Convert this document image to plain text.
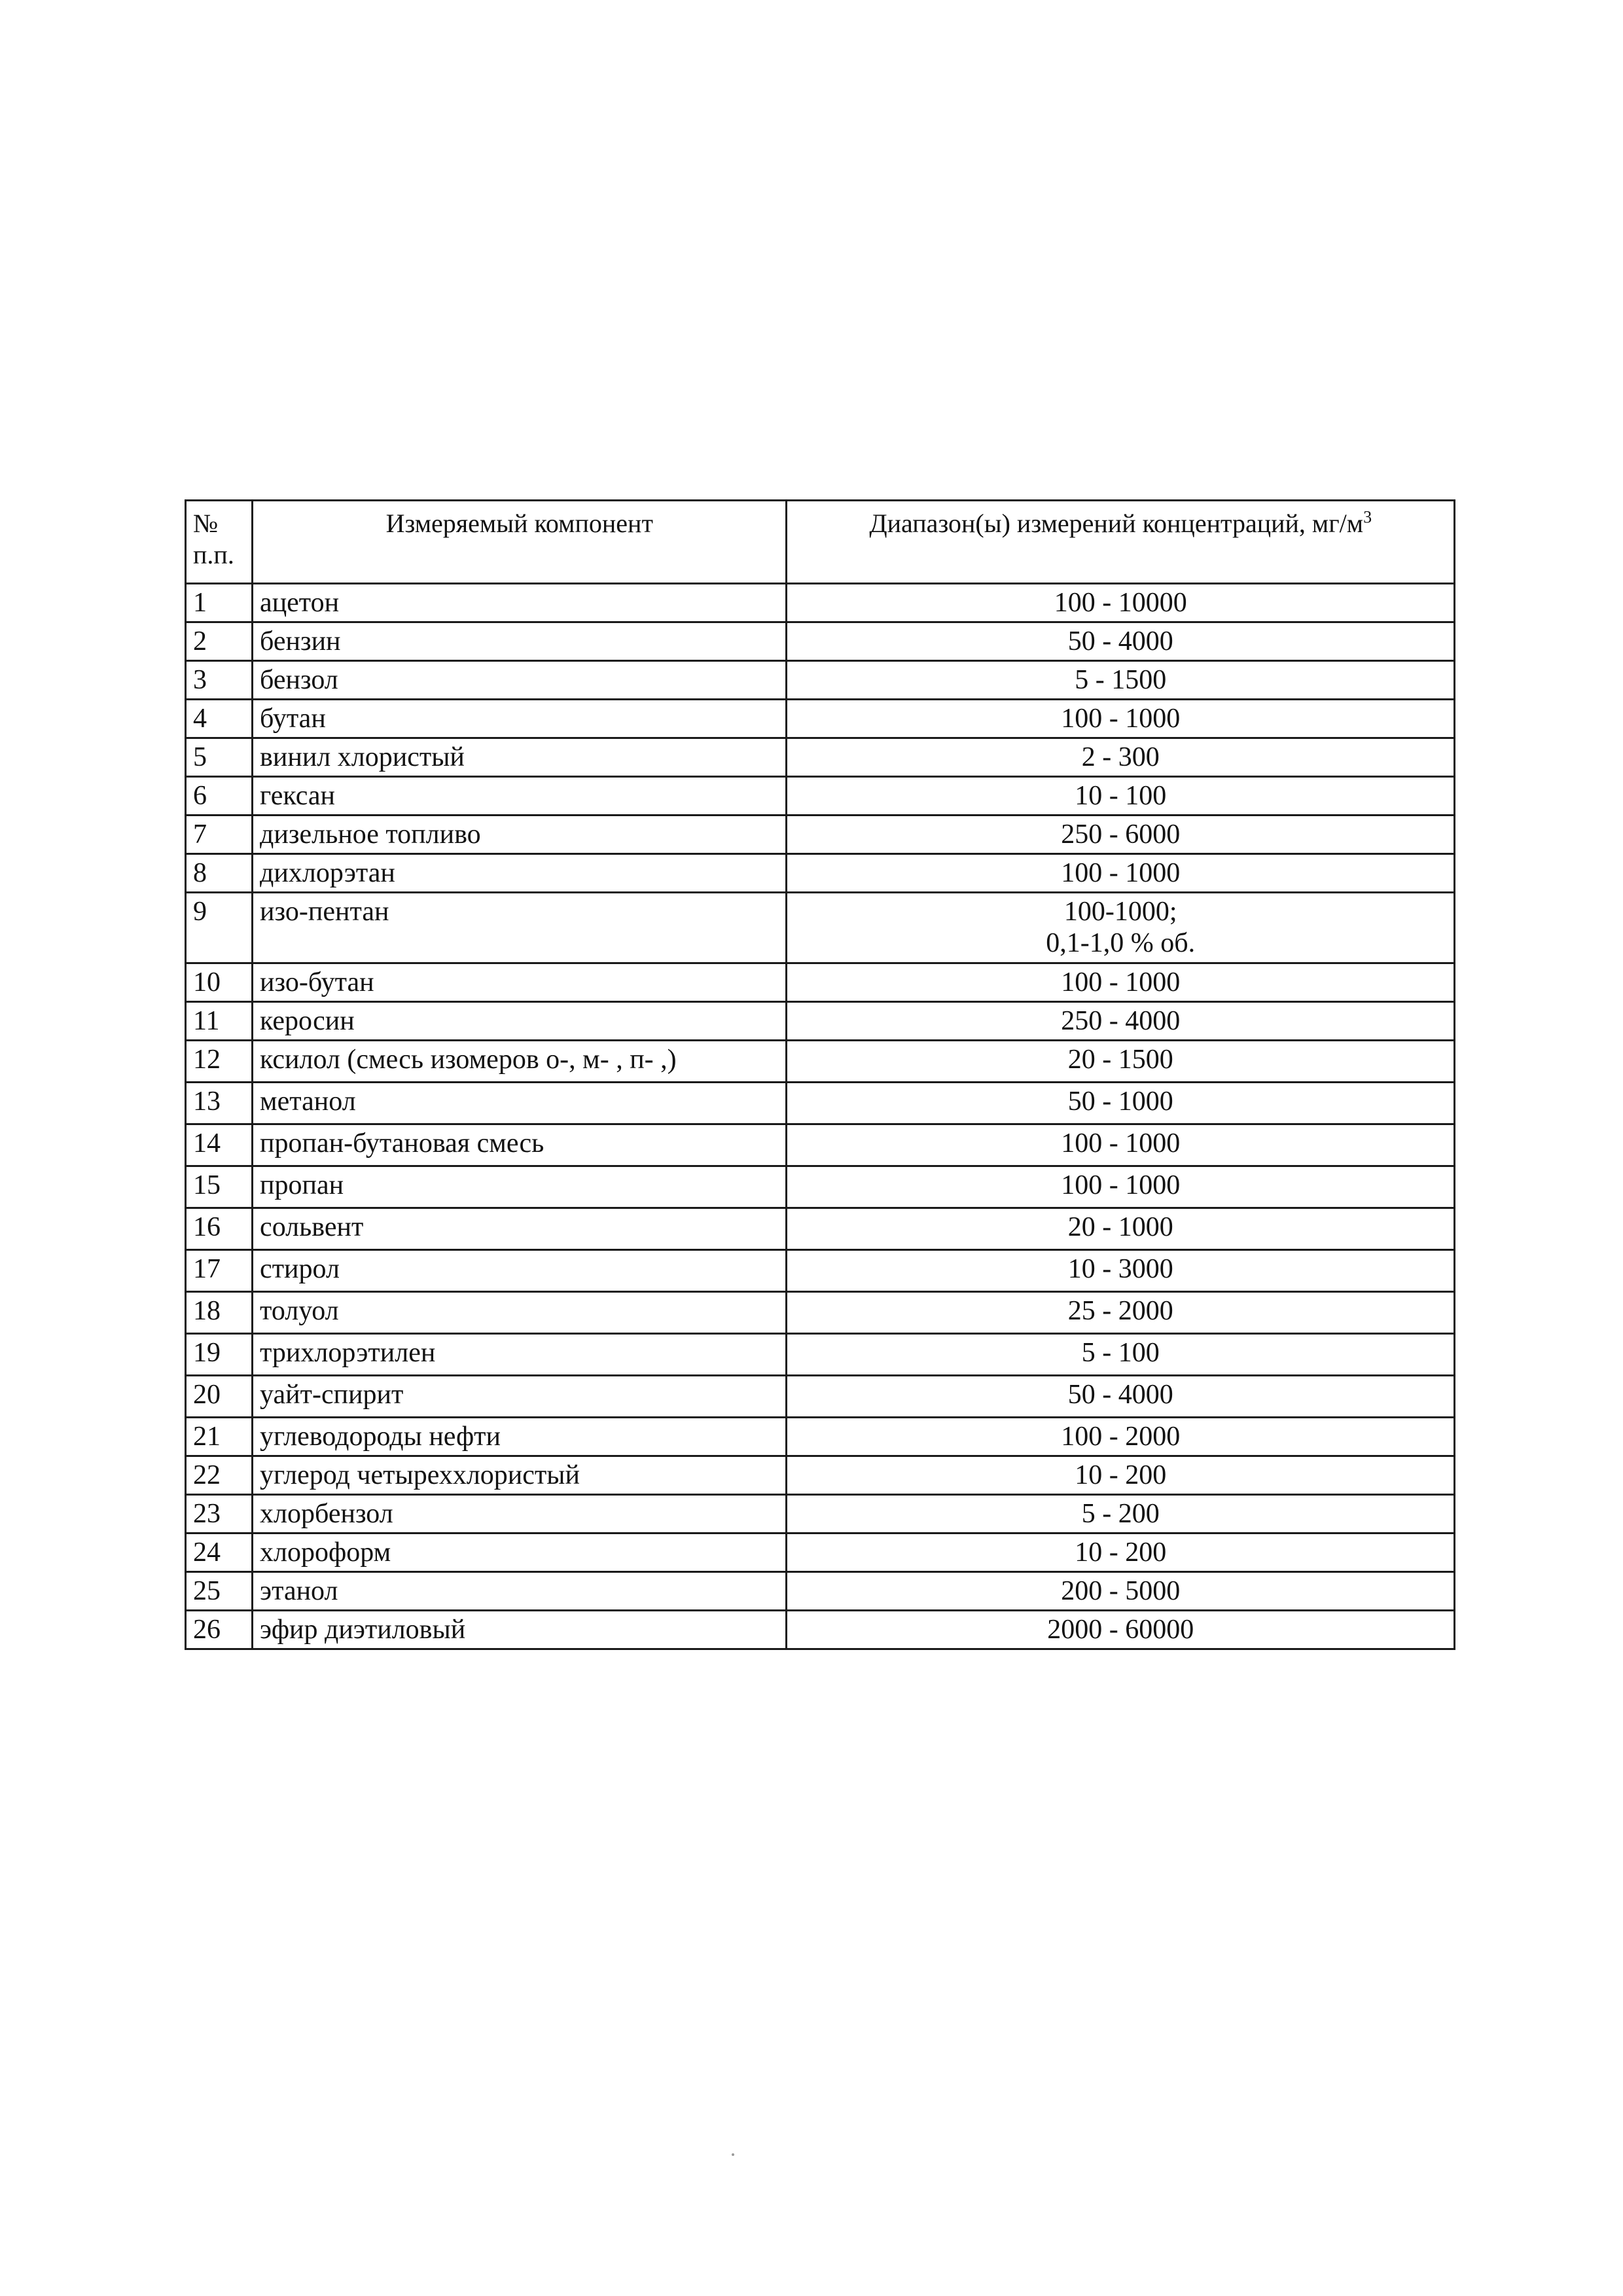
№
п.п.	Измеряемый компонент	Диапазон(ы) измерений концентраций, $мг/м^3$
1	ацетон	100 - 10000

2	бензин	50 - 4000

3	бензол	5 - 1500

4	бутан	100 - 1000

5	винил хлористый	2 - 300

6	гексан	10 - 100

7	дизельное топливо	250 - 6000

8	дихлорэтан	100 - 1000

9	изо-пентан	100-1000;
0,1-1,0 % об.

10	изо-бутан	100 - 1000

11	керосин	250 - 4000

12	ксилол (смесь изомеров о-, м- , п- ,)	20 - 1500

13	метанол	50 - 1000

14	пропан-бутановая смесь	100 - 1000

15	пропан	100 - 1000

16	сольвент	20 - 1000

17	стирол	10 - 3000

18	толуол	25 - 2000

19	трихлорэтилен	5 - 100

20	уайт-спирит	50 - 4000

21	углеводороды нефти	100 - 2000

22	углерод четыреххлористый	10 - 200

23	хлорбензол	5 - 200

24	хлороформ	10 - 200

25	этанол	200 - 5000

26	эфир диэтиловый	2000 - 60000
